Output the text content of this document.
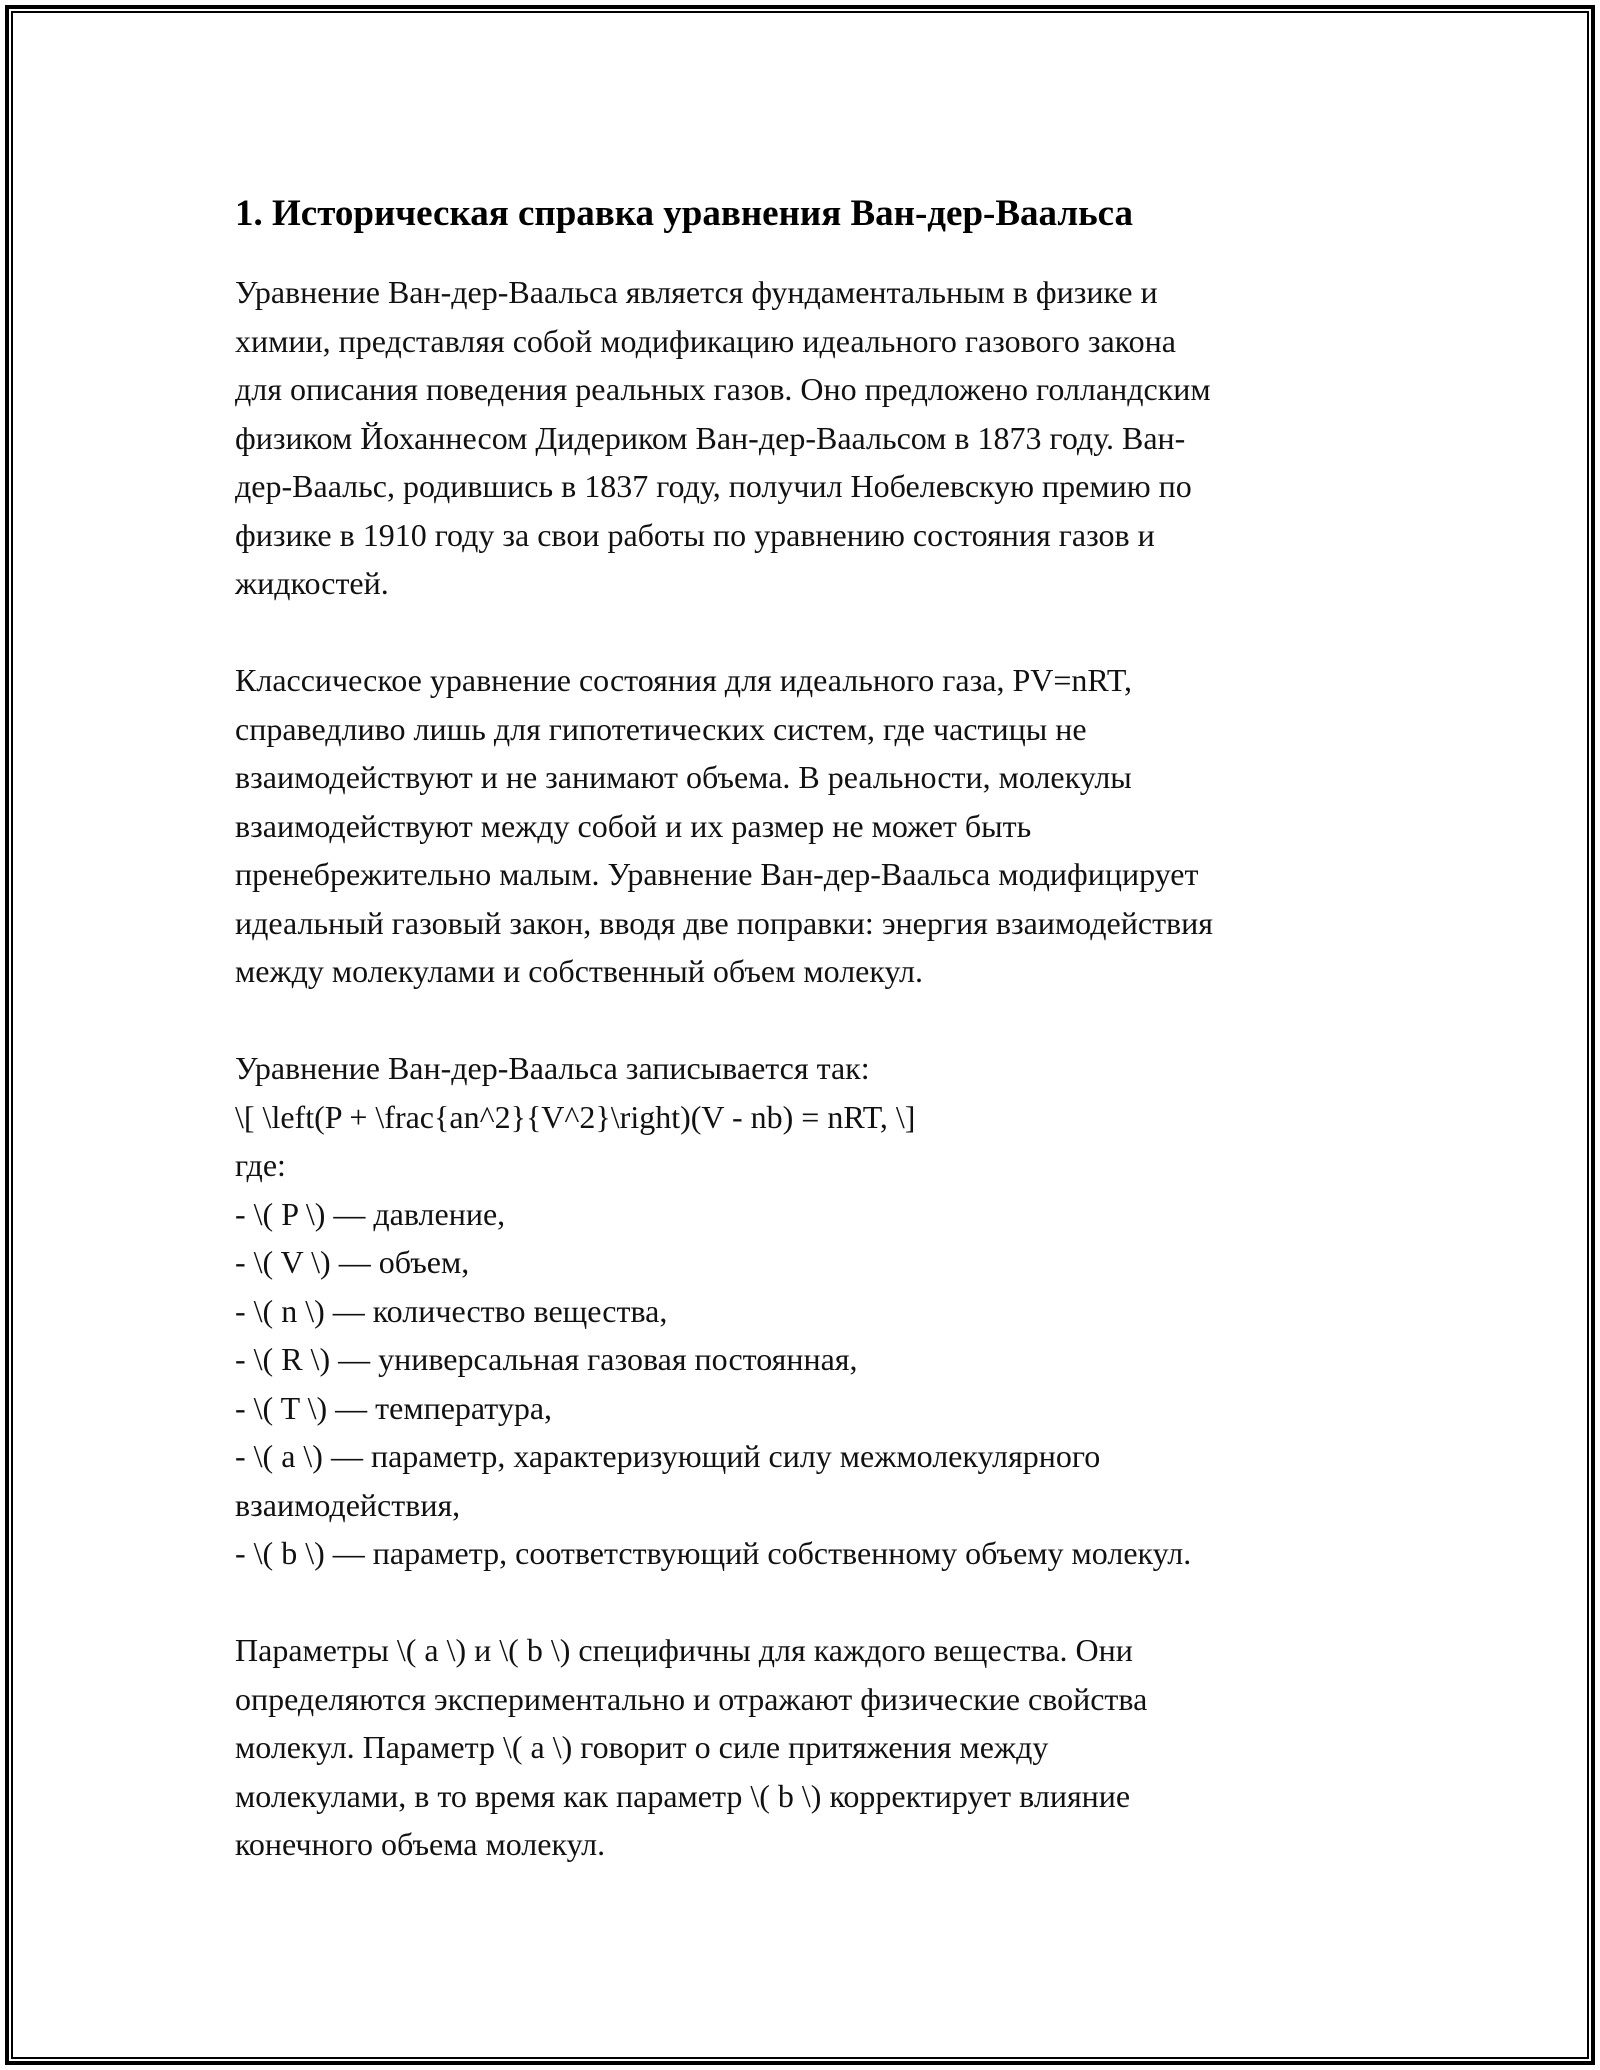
1. Историческая справка уравнения Ван-дер-Ваальса
Уравнение Ван-дер-Ваальса является фундаментальным в физике и
химии, представляя собой модификацию идеального газового закона
для описания поведения реальных газов. Оно предложено голландским
физиком Йоханнесом Дидериком Ван-дер-Ваальсом в 1873 году. Ван-
дер-Ваальс, родившись в 1837 году, получил Нобелевскую премию по
физике в 1910 году за свои работы по уравнению состояния газов и
жидкостей.
Классическое уравнение состояния для идеального газа, PV=nRT,
справедливо лишь для гипотетических систем, где частицы не
взаимодействуют и не занимают объема. В реальности, молекулы
взаимодействуют между собой и их размер не может быть
пренебрежительно малым. Уравнение Ван-дер-Ваальса модифицирует
идеальный газовый закон, вводя две поправки: энергия взаимодействия
между молекулами и собственный объем молекул.
Уравнение Ван-дер-Ваальса записывается так:
\[ \left(P + \frac{an^2}{V^2}\right)(V - nb) = nRT, \]
где:
- \( P \) — давление,
- \( V \) — объем,
- \( n \) — количество вещества,
- \( R \) — универсальная газовая постоянная,
- \( T \) — температура,
- \( a \) — параметр, характеризующий силу межмолекулярного
взаимодействия,
- \( b \) — параметр, соответствующий собственному объему молекул.
Параметры \( a \) и \( b \) специфичны для каждого вещества. Они
определяются экспериментально и отражают физические свойства
молекул. Параметр \( a \) говорит о силе притяжения между
молекулами, в то время как параметр \( b \) корректирует влияние
конечного объема молекул.
